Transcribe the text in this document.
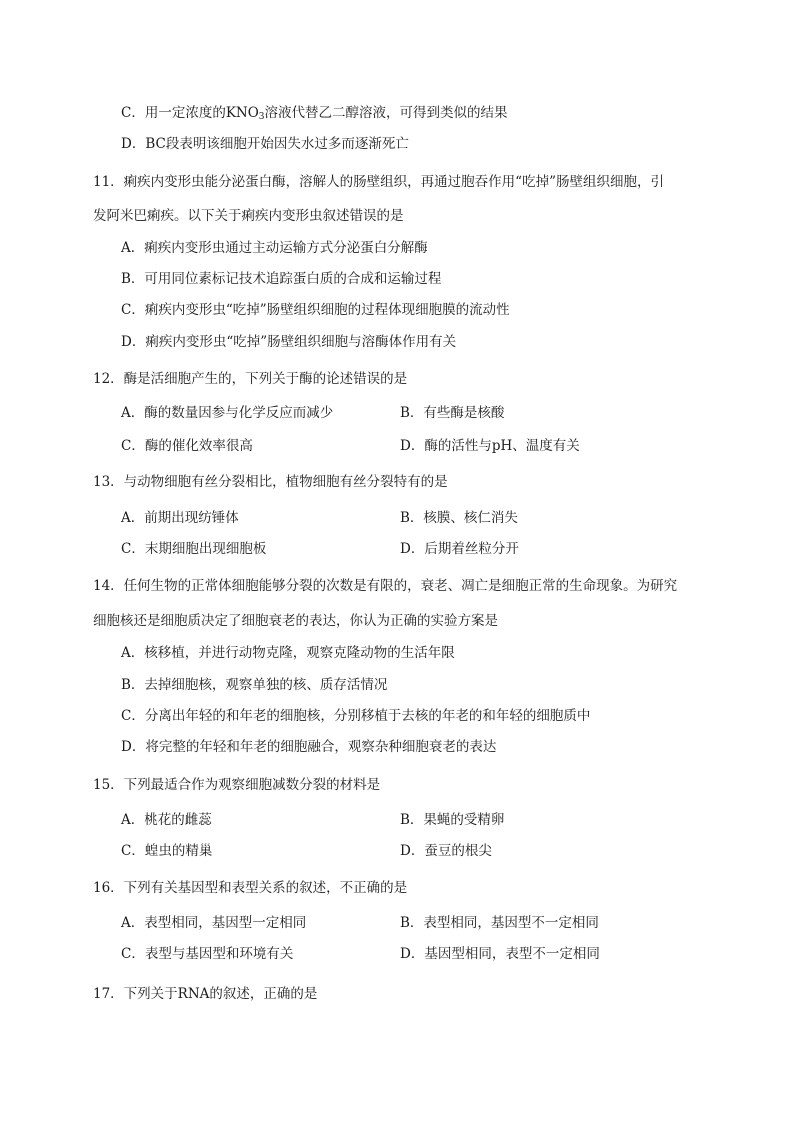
C．用一定浓度的$KNO_3$溶液代替乙二醇溶液，可得到类似的结果
D．BC段表明该细胞开始因失水过多而逐渐死亡
11．痢疾内变形虫能分泌蛋白酶，溶解人的肠壁组织，再通过胞吞作用“吃掉”肠壁组织细胞，引
发阿米巴痢疾。以下关于痢疾内变形虫叙述错误的是
A．痢疾内变形虫通过主动运输方式分泌蛋白分解酶
B．可用同位素标记技术追踪蛋白质的合成和运输过程
C．痢疾内变形虫“吃掉”肠壁组织细胞的过程体现细胞膜的流动性
D．痢疾内变形虫“吃掉”肠壁组织细胞与溶酶体作用有关
12．酶是活细胞产生的，下列关于酶的论述错误的是
A．酶的数量因参与化学反应而减少	B．有些酶是核酸
C．酶的催化效率很高	D．酶的活性与pH、温度有关
13．与动物细胞有丝分裂相比，植物细胞有丝分裂特有的是
A．前期出现纺锤体	B．核膜、核仁消失
C．末期细胞出现细胞板	D．后期着丝粒分开
14．任何生物的正常体细胞能够分裂的次数是有限的，衰老、凋亡是细胞正常的生命现象。为研究
细胞核还是细胞质决定了细胞衰老的表达，你认为正确的实验方案是
A．核移植，并进行动物克隆，观察克隆动物的生活年限
B．去掉细胞核，观察单独的核、质存活情况
C．分离出年轻的和年老的细胞核，分别移植于去核的年老的和年轻的细胞质中
D．将完整的年轻和年老的细胞融合，观察杂种细胞衰老的表达
15．下列最适合作为观察细胞减数分裂的材料是
A．桃花的雌蕊	B．果蝇的受精卵
C．蝗虫的精巢	D．蚕豆的根尖
16．下列有关基因型和表型关系的叙述，不正确的是
A．表型相同，基因型一定相同	B．表型相同，基因型不一定相同
C．表型与基因型和环境有关	D．基因型相同，表型不一定相同
17．下列关于RNA的叙述，正确的是
